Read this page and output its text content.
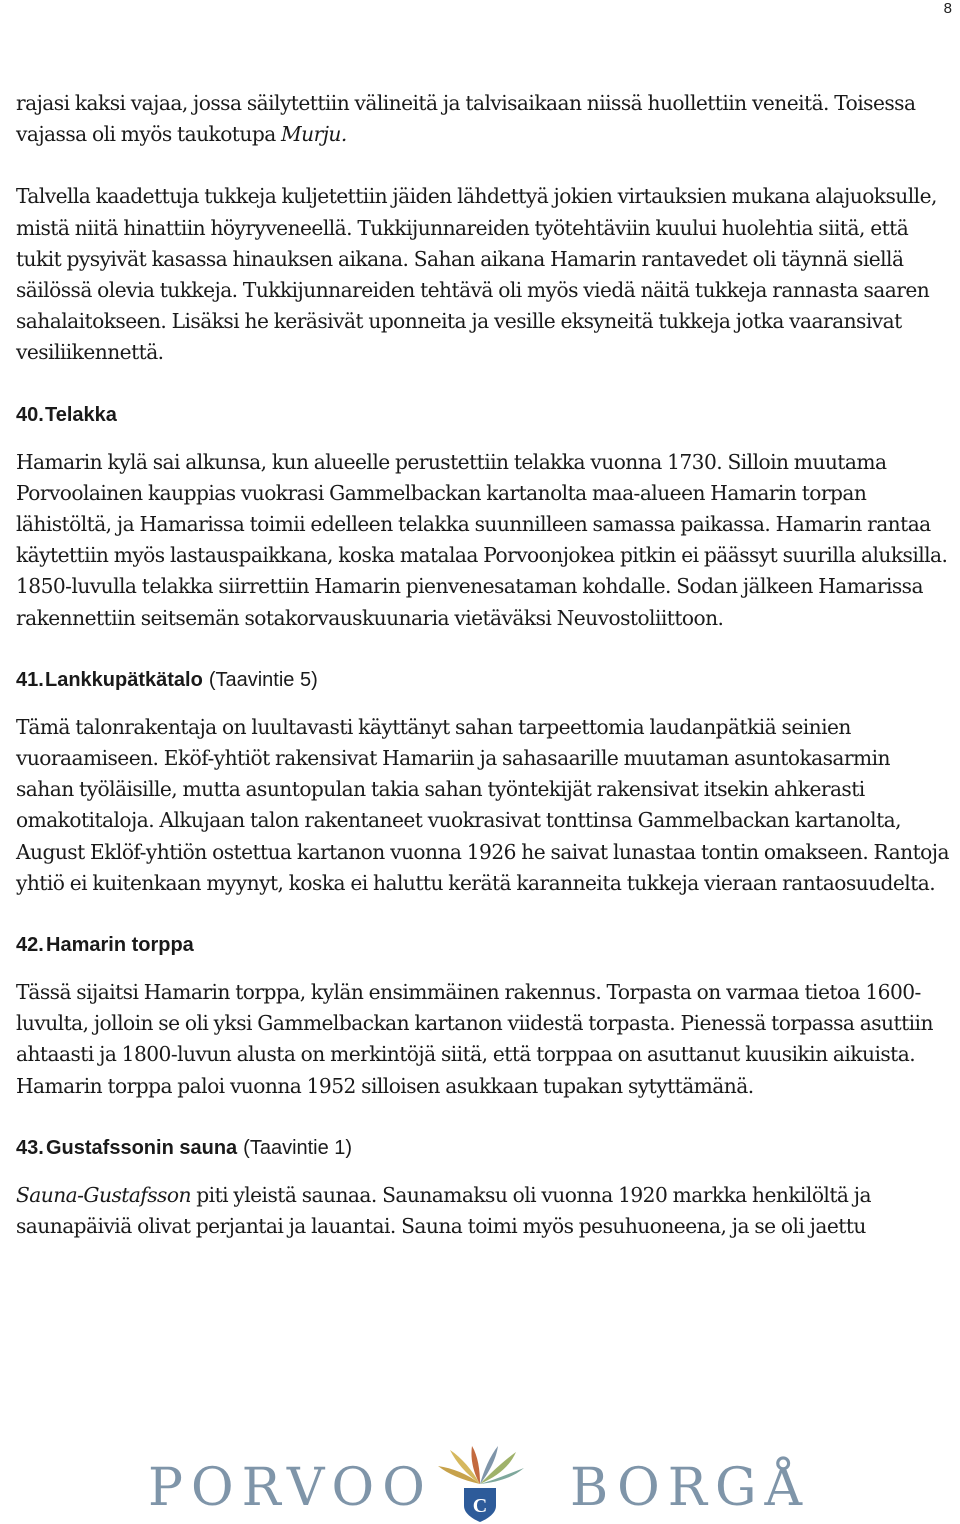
8

rajasi kaksi vajaa, jossa säilytettiin välineitä ja talvisaikaan niissä huollettiin veneitä. Toisessa vajassa oli myös taukotupa Murju.

Talvella kaadettuja tukkeja kuljetettiin jäiden lähdettyä jokien virtauksien mukana alajuoksulle, mistä niitä hinattiin höyryveneellä. Tukkijunnareiden työtehtäviin kuului huolehtia siitä, että tukit pysyivät kasassa hinauksen aikana. Sahan aikana Hamarin rantavedet oli täynnä siellä säilössä olevia tukkeja. Tukkijunnareiden tehtävä oli myös viedä näitä tukkeja rannasta saaren sahalaitokseen. Lisäksi he keräsivät uponneita ja vesille eksyneitä tukkeja jotka vaaransivat vesiliikennettä.

40. Telakka

Hamarin kylä sai alkunsa, kun alueelle perustettiin telakka vuonna 1730. Silloin muutama Porvoolainen kauppias vuokrasi Gammelbackan kartanolta maa-alueen Hamarin torpan lähistöltä, ja Hamarissa toimii edelleen telakka suunnilleen samassa paikassa. Hamarin rantaa käytettiin myös lastauspaikkana, koska matalaa Porvoonjokea pitkin ei päässyt suurilla aluksilla. 1850-luvulla telakka siirrettiin Hamarin pienvenesataman kohdalle. Sodan jälkeen Hamarissa rakennettiin seitsemän sotakorvauskuunaria vietäväksi Neuvostoliittoon.

41. Lankkupätkätalo (Taavintie 5)

Tämä talonrakentaja on luultavasti käyttänyt sahan tarpeettomia laudanpätkiä seinien vuoraamiseen. Eköf-yhtiöt rakensivat Hamariin ja sahasaarille muutaman asuntokasarmin sahan työläisille, mutta asuntopulan takia sahan työntekijät rakensivat itsekin ahkerasti omakotitaloja. Alkujaan talon rakentaneet vuokrasivat tonttinsa Gammelbackan kartanolta, August Eklöf-yhtiön ostettua kartanon vuonna 1926 he saivat lunastaa tontin omakseen. Rantoja yhtiö ei kuitenkaan myynyt, koska ei haluttu kerätä karanneita tukkeja vieraan rantaosuudelta.

42. Hamarin torppa

Tässä sijaitsi Hamarin torppa, kylän ensimmäinen rakennus. Torpasta on varmaa tietoa 1600-luvulta, jolloin se oli yksi Gammelbackan kartanon viidestä torpasta. Pienessä torpassa asuttiin ahtaasti ja 1800-luvun alusta on merkintöjä siitä, että torppaa on asuttanut kuusikin aikuista. Hamarin torppa paloi vuonna 1952 silloisen asukkaan tupakan sytyttämänä.

43. Gustafssonin sauna (Taavintie 1)

Sauna-Gustafsson piti yleistä saunaa. Saunamaksu oli vuonna 1920 markka henkilöltä ja saunapäiviä olivat perjantai ja lauantai. Sauna toimi myös pesuhuoneena, ja se oli jaettu

PORVOO C BORGÅ
